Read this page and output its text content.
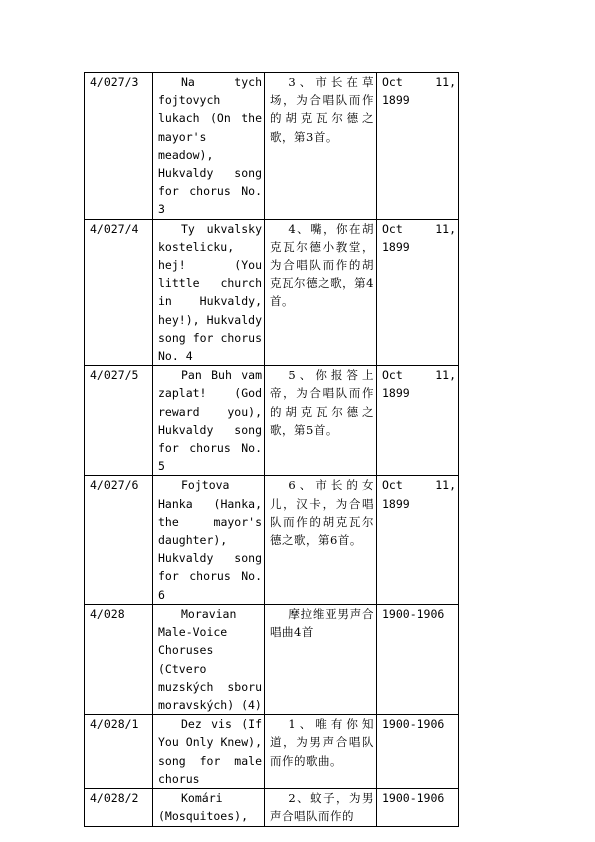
4/027/3	Na tych fojtovych lukach (On the mayor's meadow), Hukvaldy song for chorus No. 3	3、市长在草场，为合唱队而作的胡克瓦尔德之歌，第3首。	Oct 11, 1899
4/027/4	Ty ukvalsky kostelicku, hej! (You little church in Hukvaldy, hey!), Hukvaldy song for chorus No. 4	4、嘴，你在胡克瓦尔德小教堂，为合唱队而作的胡克瓦尔德之歌，第4首。	Oct 11, 1899
4/027/5	Pan Buh vam zaplat! (God reward you), Hukvaldy song for chorus No. 5	5、你报答上帝，为合唱队而作的胡克瓦尔德之歌，第5首。	Oct 11, 1899
4/027/6	Fojtova Hanka (Hanka, the mayor's daughter), Hukvaldy song for chorus No. 6	6、市长的女儿，汉卡，为合唱队而作的胡克瓦尔德之歌，第6首。	Oct 11, 1899
4/028	Moravian Male-Voice Choruses (Ctvero muzských sboru moravských) (4)	摩拉维亚男声合唱曲4首	1900-1906
4/028/1	Dez vis (If You Only Knew), song for male chorus	1、唯有你知道，为男声合唱队而作的歌曲。	1900-1906
4/028/2	Komári (Mosquitoes),	2、蚊子，为男声合唱队而作的	1900-1906
